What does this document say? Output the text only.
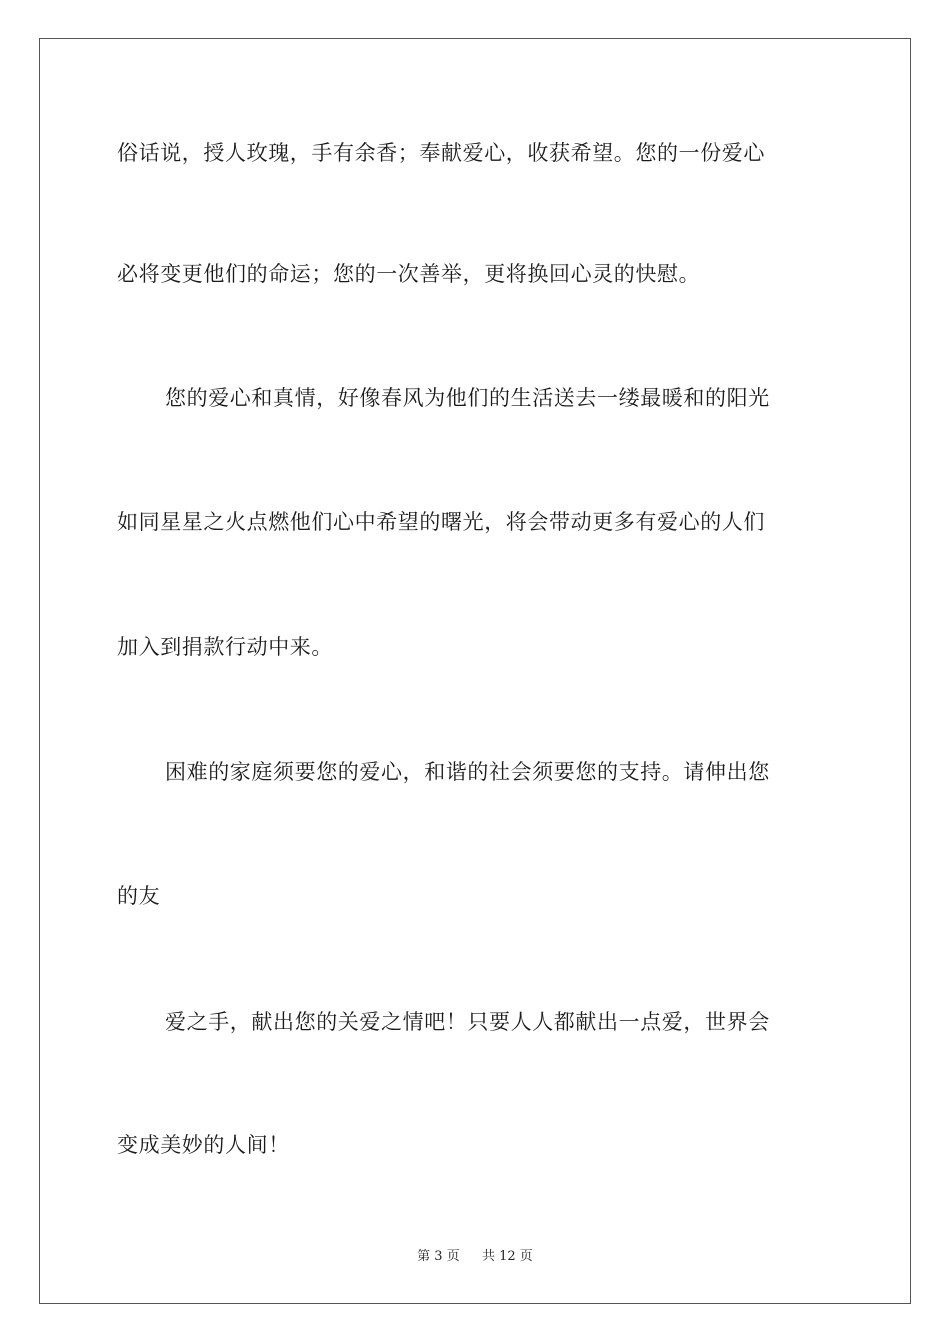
俗话说，授人玫瑰，手有余香；奉献爱心，收获希望。您的一份爱心
必将变更他们的命运；您的一次善举，更将换回心灵的快慰。
您的爱心和真情，好像春风为他们的生活送去一缕最暖和的阳光
如同星星之火点燃他们心中希望的曙光，将会带动更多有爱心的人们
加入到捐款行动中来。
困难的家庭须要您的爱心，和谐的社会须要您的支持。请伸出您
的友
爱之手，献出您的关爱之情吧！只要人人都献出一点爱，世界会
变成美妙的人间！
第 3 页 共 12 页
